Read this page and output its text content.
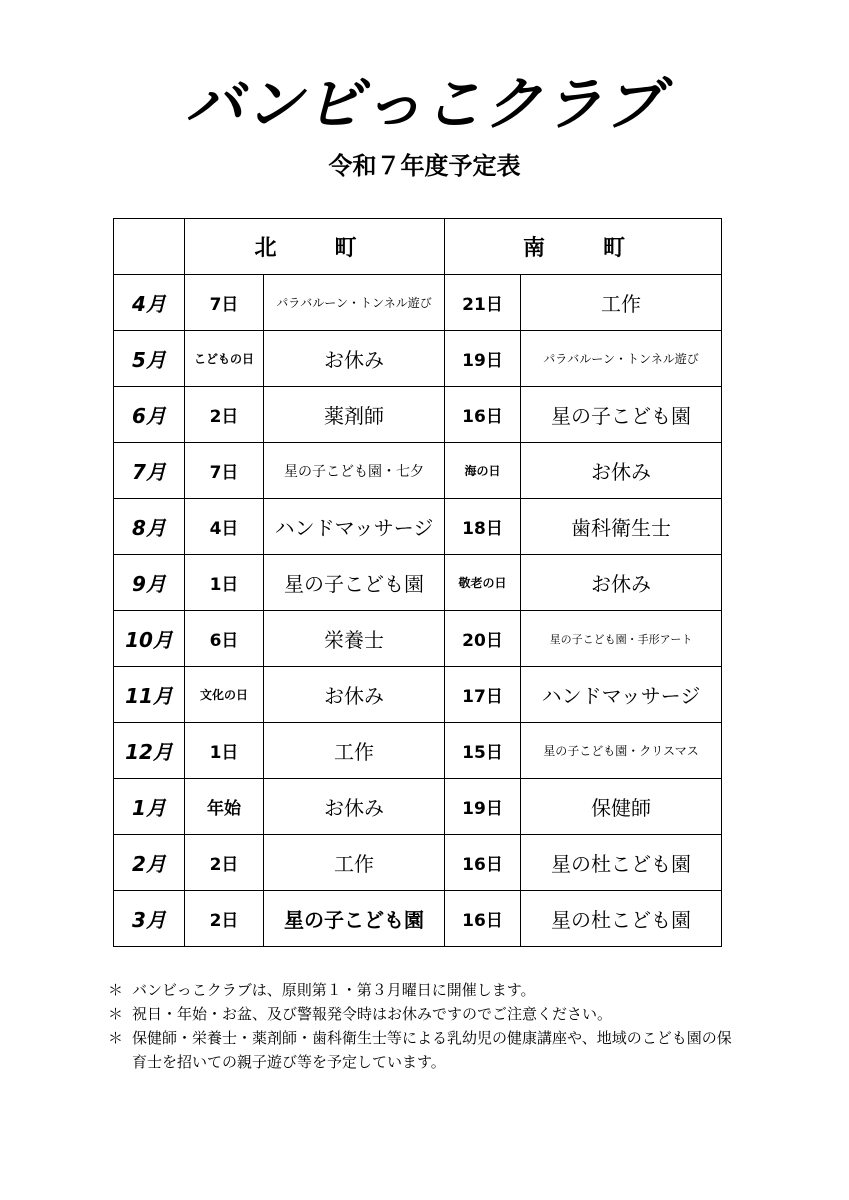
バンビっこクラブ
令和７年度予定表
	北　町		南　町	
4月	7日	パラバルーン・トンネル遊び	21日	工作
5月	こどもの日	お休み	19日	パラバルーン・トンネル遊び
6月	2日	薬剤師	16日	星の子こども園
7月	7日	星の子こども園・七夕	海の日	お休み
8月	4日	ハンドマッサージ	18日	歯科衛生士
9月	1日	星の子こども園	敬老の日	お休み
10月	6日	栄養士	20日	星の子こども園・手形アート
11月	文化の日	お休み	17日	ハンドマッサージ
12月	1日	工作	15日	星の子こども園・クリスマス
1月	年始	お休み	19日	保健師
2月	2日	工作	16日	星の杜こども園
3月	2日	星の子こども園	16日	星の杜こども園
＊ バンビっこクラブは、原則第１・第３月曜日に開催します。
＊ 祝日・年始・お盆、及び警報発令時はお休みですのでご注意ください。
＊ 保健師・栄養士・薬剤師・歯科衛生士等による乳幼児の健康講座や、地域のこども園の保育士を招いての親子遊び等を予定しています。
